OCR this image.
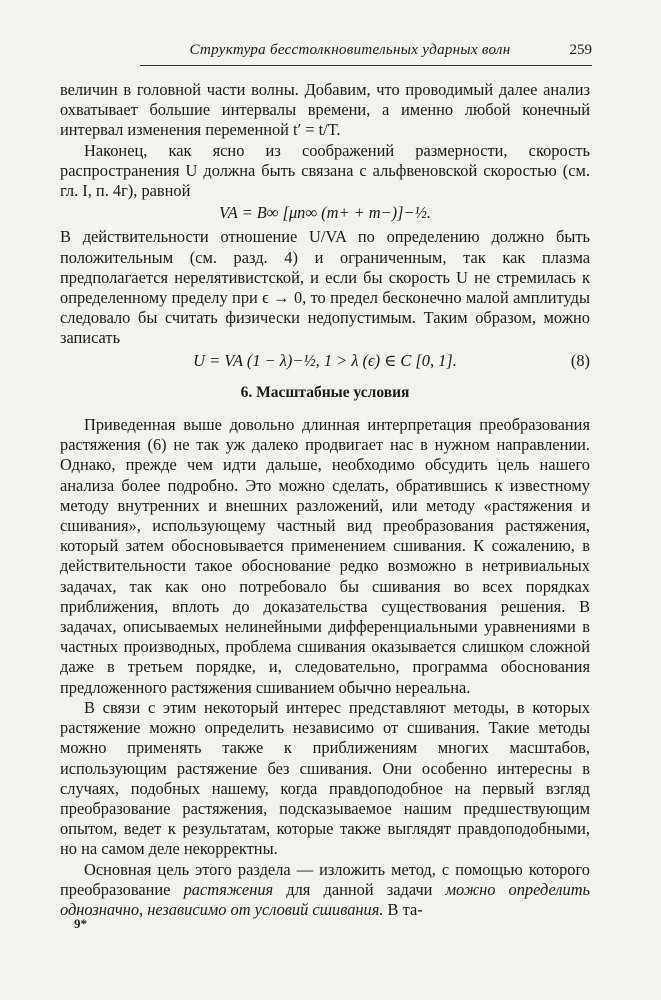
Структура бесстолкновительных ударных волн	259

величин в головной части волны. Добавим, что проводимый далее анализ охватывает большие интервалы времени, а именно любой конечный интервал изменения переменной t′ = t/T.

Наконец, как ясно из соображений размерности, скорость распространения U должна быть связана с альфвеновской скоростью (см. гл. I, п. 4г), равной

VA = B∞ [μn∞ (m+ + m−)]−½.

В действительности отношение U/VA по определению должно быть положительным (см. разд. 4) и ограниченным, так как плазма предполагается нерелятивистской, и если бы скорость U не стремилась к определенному пределу при ϵ → 0, то предел бесконечно малой амплитуды следовало бы считать физически недопустимым. Таким образом, можно записать

U = VA (1 − λ)−½, 1 > λ (ϵ) ∈ C [0, 1].	(8)
6. Масштабные условия

Приведенная выше довольно длинная интерпретация преобразования растяжения (6) не так уж далеко продвигает нас в нужном направлении. Однако, прежде чем идти дальше, необходимо обсудить цель нашего анализа более подробно. Это можно сделать, обратившись к известному методу внутренних и внешних разложений, или методу «растяжения и сшивания», использующему частный вид преобразования растяжения, который затем обосновывается применением сшивания. К сожалению, в действительности такое обоснование редко возможно в нетривиальных задачах, так как оно потребовало бы сшивания во всех порядках приближения, вплоть до доказательства существования решения. В задачах, описываемых нелинейными дифференциальными уравнениями в частных производных, проблема сшивания оказывается слишком сложной даже в третьем порядке, и, следовательно, программа обоснования предложенного растяжения сшиванием обычно нереальна.

В связи с этим некоторый интерес представляют методы, в которых растяжение можно определить независимо от сшивания. Такие методы можно применять также к приближениям многих масштабов, использующим растяжение без сшивания. Они особенно интересны в случаях, подобных нашему, когда правдоподобное на первый взгляд преобразование растяжения, подсказываемое нашим предшествующим опытом, ведет к результатам, которые также выглядят правдоподобными, но на самом деле некорректны.

Основная цель этого раздела — изложить метод, с помощью которого преобразование растяжения для данной задачи можно определить однозначно, независимо от условий сшивания. В та-

9*
